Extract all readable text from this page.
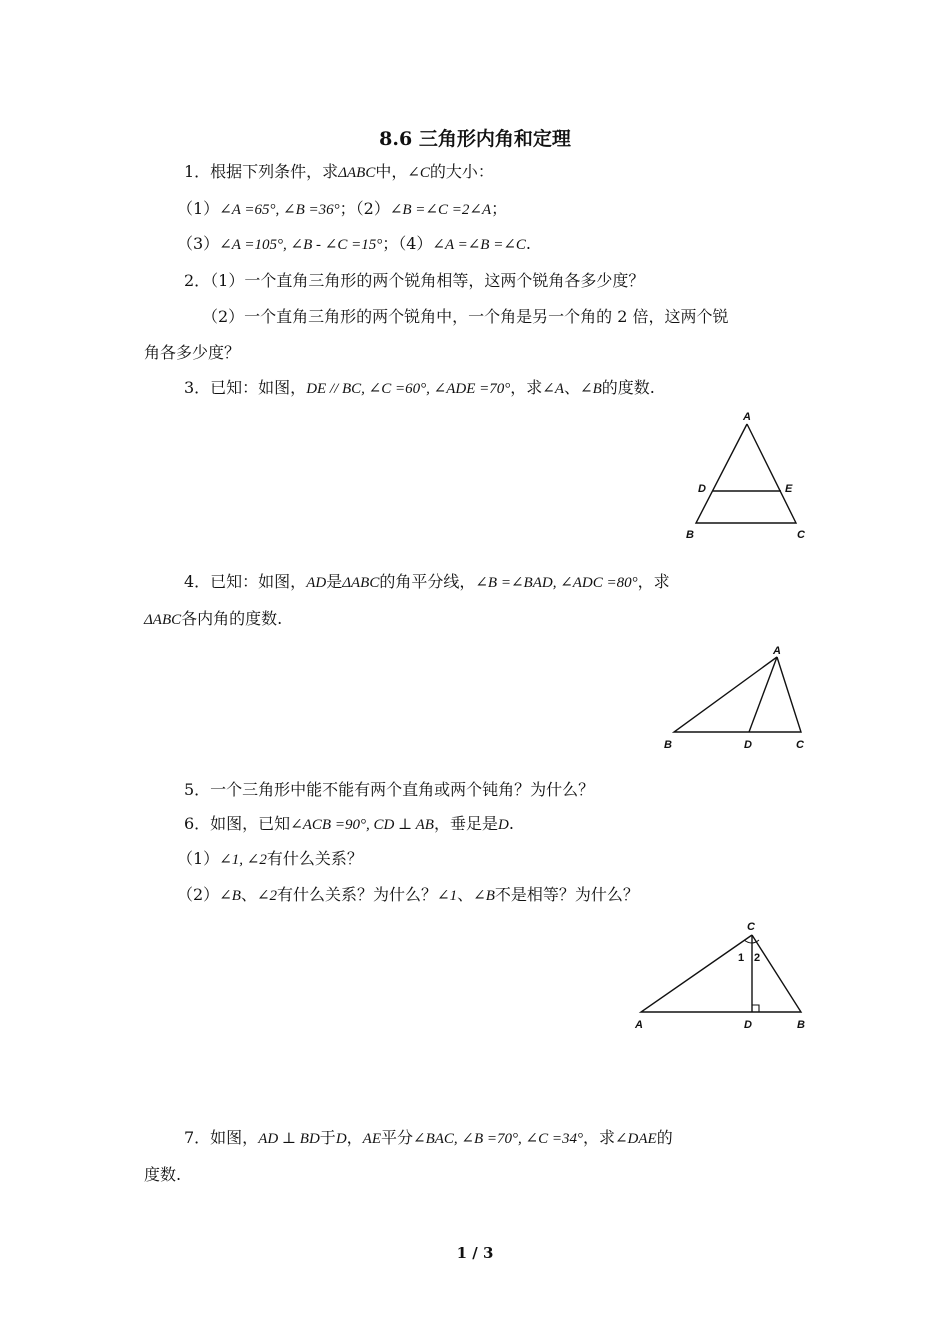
8.6 三角形内角和定理
1．根据下列条件，求ΔABC中，∠C的大小：
（1）∠A =65°, ∠B =36°；（2）∠B =∠C =2∠A；
（3）∠A =105°, ∠B - ∠C =15°；（4）∠A =∠B =∠C.
2．（1）一个直角三角形的两个锐角相等，这两个锐角各多少度？
（2）一个直角三角形的两个锐角中，一个角是另一个角的 2 倍，这两个锐
角各多少度？
3．已知：如图，DE // BC, ∠C =60°, ∠ADE =70°，求∠A、∠B的度数.
A
D	E
B	C
4．已知：如图，AD是ΔABC的角平分线，∠B =∠BAD, ∠ADC =80°，求
ΔABC各内角的度数.
A
B	D	C
5．一个三角形中能不能有两个直角或两个钝角？为什么？
6．如图，已知∠ACB =90°, CD ⊥ AB，垂足是D.
（1）∠1, ∠2有什么关系？
（2）∠B、∠2有什么关系？为什么？∠1、∠B不是相等？为什么？
C
1 2
A	D	B
7．如图，AD ⊥ BD于D，AE平分∠BAC, ∠B =70°, ∠C =34°，求∠DAE的
度数.
1 / 3
